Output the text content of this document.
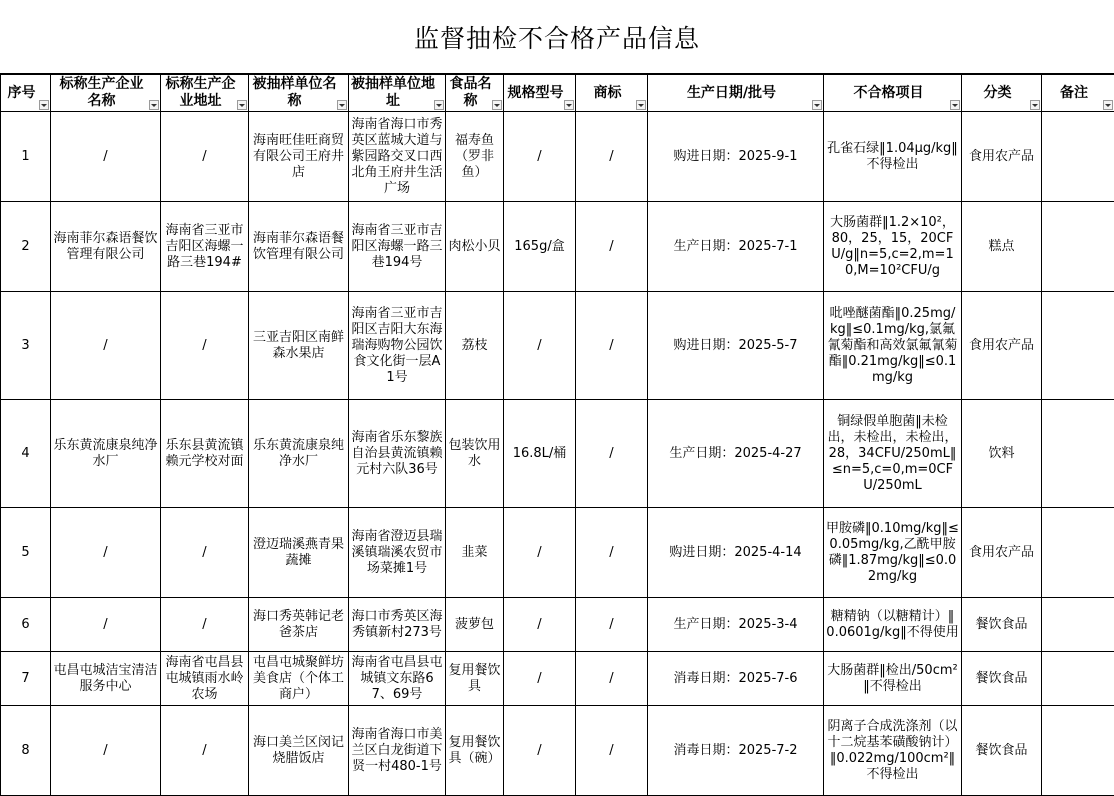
监督抽检不合格产品信息
序号	标称生产企业名称	标称生产企业地址	被抽样单位名称	被抽样单位地址	食品名称	规格型号	商标	生产日期/批号	不合格项目	分类	备注

1	/	/	海南旺佳旺商贸有限公司王府井店	海南省海口市秀英区蓝城大道与紫园路交叉口西北角王府井生活广场	福寿鱼（罗非鱼）	/	/	购进日期：2025-9-1	孔雀石绿‖1.04μg/kg‖不得检出	食用农产品	
2	海南菲尔森语餐饮管理有限公司	海南省三亚市吉阳区海螺一路三巷194#	海南菲尔森语餐饮管理有限公司	海南省三亚市吉阳区海螺一路三巷194号	肉松小贝	165g/盒	/	生产日期：2025-7-1	大肠菌群‖1.2×10²，80，25，15，20CFU/g‖n=5,c=2,m=10,M=10²CFU/g	糕点	
3	/	/	三亚吉阳区南鲜森水果店	海南省三亚市吉阳区吉阳大东海瑞海购物公园饮食文化街一层A1号	荔枝	/	/	购进日期：2025-5-7	吡唑醚菌酯‖0.25mg/kg‖≤0.1mg/kg,氯氟氰菊酯和高效氯氟氰菊酯‖0.21mg/kg‖≤0.1mg/kg	食用农产品	
4	乐东黄流康泉纯净水厂	乐东县黄流镇赖元学校对面	乐东黄流康泉纯净水厂	海南省乐东黎族自治县黄流镇赖元村六队36号	包装饮用水	16.8L/桶	/	生产日期：2025-4-27	铜绿假单胞菌‖未检出，未检出，未检出，28，34CFU/250mL‖≤n=5,c=0,m=0CFU/250mL	饮料	
5	/	/	澄迈瑞溪燕青果蔬摊	海南省澄迈县瑞溪镇瑞溪农贸市场菜摊1号	韭菜	/	/	购进日期：2025-4-14	甲胺磷‖0.10mg/kg‖≤0.05mg/kg,乙酰甲胺磷‖1.87mg/kg‖≤0.02mg/kg	食用农产品	
6	/	/	海口秀英韩记老爸茶店	海口市秀英区海秀镇新村273号	菠萝包	/	/	生产日期：2025-3-4	糖精钠（以糖精计）‖0.0601g/kg‖不得使用	餐饮食品	
7	屯昌屯城洁宝清洁服务中心	海南省屯昌县屯城镇雨水岭农场	屯昌屯城聚鲜坊美食店（个体工商户）	海南省屯昌县屯城镇文东路67、69号	复用餐饮具	/	/	消毒日期：2025-7-6	大肠菌群‖检出/50cm²‖不得检出	餐饮食品	
8	/	/	海口美兰区闵记烧腊饭店	海南省海口市美兰区白龙街道下贤一村480-1号	复用餐饮具（碗）	/	/	消毒日期：2025-7-2	阴离子合成洗涤剂（以十二烷基苯磺酸钠计）‖0.022mg/100cm²‖不得检出	餐饮食品	
